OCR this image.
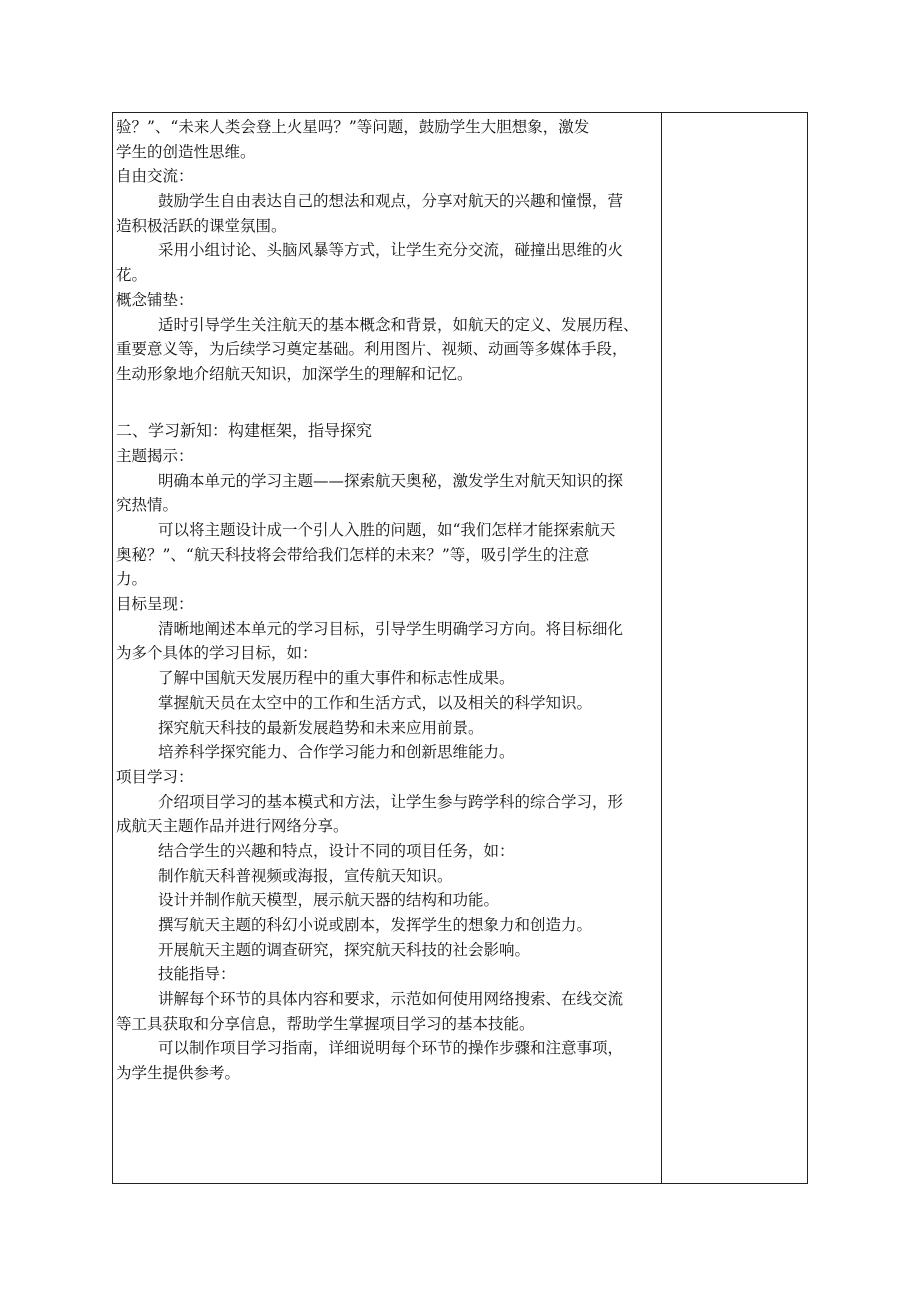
验？”、“未来人类会登上火星吗？”等问题，鼓励学生大胆想象，激发
学生的创造性思维。
自由交流：
鼓励学生自由表达自己的想法和观点，分享对航天的兴趣和憧憬，营
造积极活跃的课堂氛围。
采用小组讨论、头脑风暴等方式，让学生充分交流，碰撞出思维的火
花。
概念铺垫：
适时引导学生关注航天的基本概念和背景，如航天的定义、发展历程、
重要意义等，为后续学习奠定基础。利用图片、视频、动画等多媒体手段，
生动形象地介绍航天知识，加深学生的理解和记忆。
二、学习新知：构建框架，指导探究
主题揭示：
明确本单元的学习主题——探索航天奥秘，激发学生对航天知识的探
究热情。
可以将主题设计成一个引人入胜的问题，如“我们怎样才能探索航天
奥秘？”、“航天科技将会带给我们怎样的未来？”等，吸引学生的注意
力。
目标呈现：
清晰地阐述本单元的学习目标，引导学生明确学习方向。将目标细化
为多个具体的学习目标，如：
了解中国航天发展历程中的重大事件和标志性成果。
掌握航天员在太空中的工作和生活方式，以及相关的科学知识。
探究航天科技的最新发展趋势和未来应用前景。
培养科学探究能力、合作学习能力和创新思维能力。
项目学习：
介绍项目学习的基本模式和方法，让学生参与跨学科的综合学习，形
成航天主题作品并进行网络分享。
结合学生的兴趣和特点，设计不同的项目任务，如：
制作航天科普视频或海报，宣传航天知识。
设计并制作航天模型，展示航天器的结构和功能。
撰写航天主题的科幻小说或剧本，发挥学生的想象力和创造力。
开展航天主题的调查研究，探究航天科技的社会影响。
技能指导：
讲解每个环节的具体内容和要求，示范如何使用网络搜索、在线交流
等工具获取和分享信息，帮助学生掌握项目学习的基本技能。
可以制作项目学习指南，详细说明每个环节的操作步骤和注意事项，
为学生提供参考。
